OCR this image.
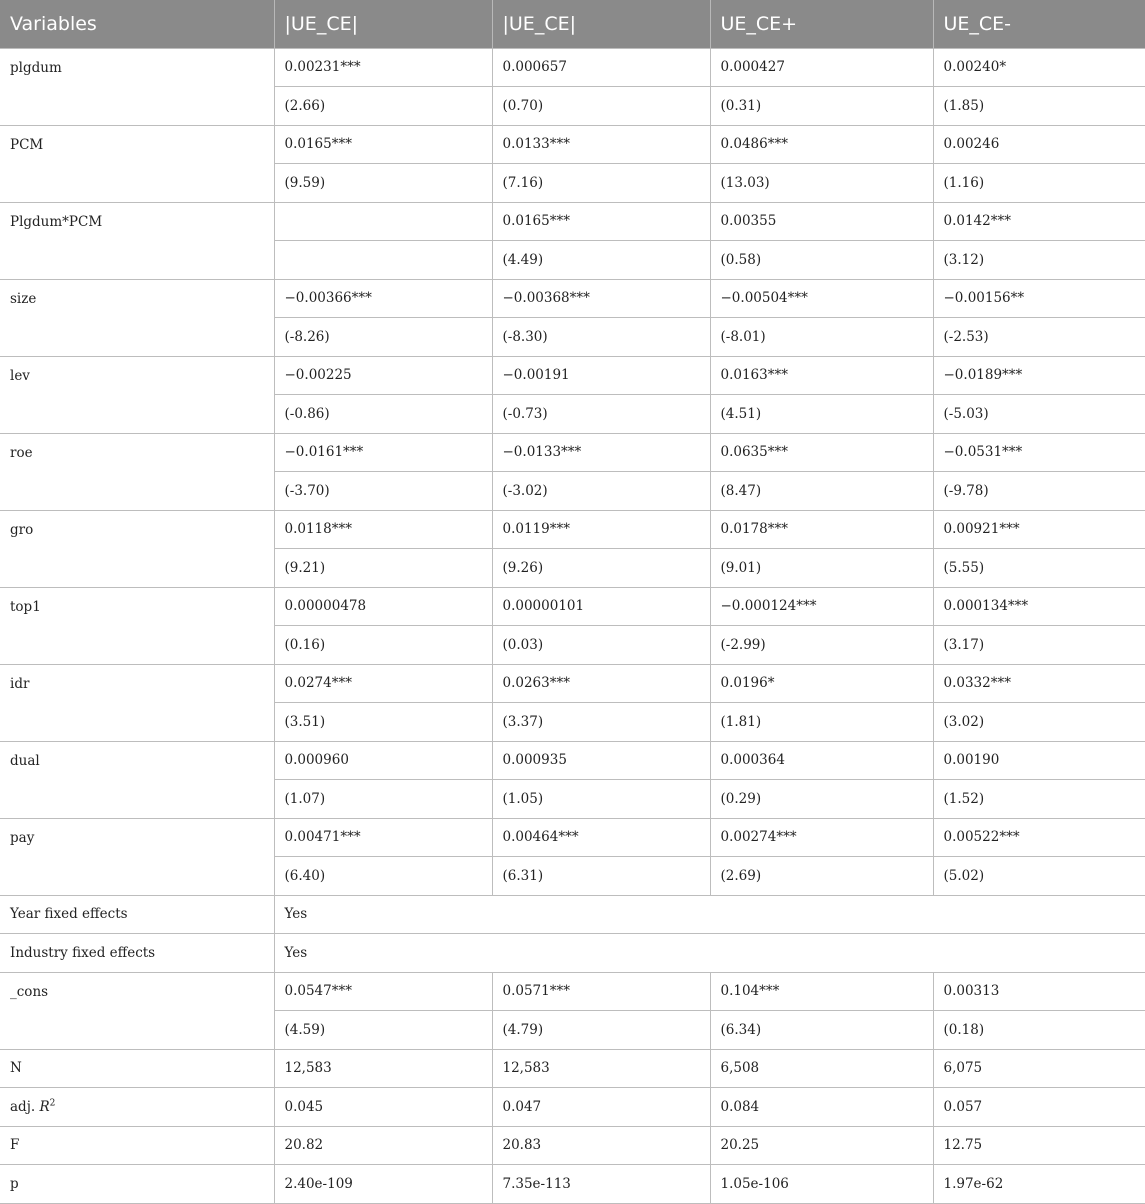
Variables	|UE_CE|	|UE_CE|	UE_CE+	UE_CE-
plgdum	0.00231***	0.000657	0.000427	0.00240*
	(2.66)	(0.70)	(0.31)	(1.85)
PCM	0.0165***	0.0133***	0.0486***	0.00246
	(9.59)	(7.16)	(13.03)	(1.16)
Plgdum*PCM		0.0165***	0.00355	0.0142***
		(4.49)	(0.58)	(3.12)
size	−0.00366***	−0.00368***	−0.00504***	−0.00156**
	(-8.26)	(-8.30)	(-8.01)	(-2.53)
lev	−0.00225	−0.00191	0.0163***	−0.0189***
	(-0.86)	(-0.73)	(4.51)	(-5.03)
roe	−0.0161***	−0.0133***	0.0635***	−0.0531***
	(-3.70)	(-3.02)	(8.47)	(-9.78)
gro	0.0118***	0.0119***	0.0178***	0.00921***
	(9.21)	(9.26)	(9.01)	(5.55)
top1	0.00000478	0.00000101	−0.000124***	0.000134***
	(0.16)	(0.03)	(-2.99)	(3.17)
idr	0.0274***	0.0263***	0.0196*	0.0332***
	(3.51)	(3.37)	(1.81)	(3.02)
dual	0.000960	0.000935	0.000364	0.00190
	(1.07)	(1.05)	(0.29)	(1.52)
pay	0.00471***	0.00464***	0.00274***	0.00522***
	(6.40)	(6.31)	(2.69)	(5.02)
Year fixed effects	Yes			
Industry fixed effects	Yes			
_cons	0.0547***	0.0571***	0.104***	0.00313
	(4.59)	(4.79)	(6.34)	(0.18)
N	12,583	12,583	6,508	6,075
adj. $R^2$	0.045	0.047	0.084	0.057
F	20.82	20.83	20.25	12.75
p	2.40e-109	7.35e-113	1.05e-106	1.97e-62
